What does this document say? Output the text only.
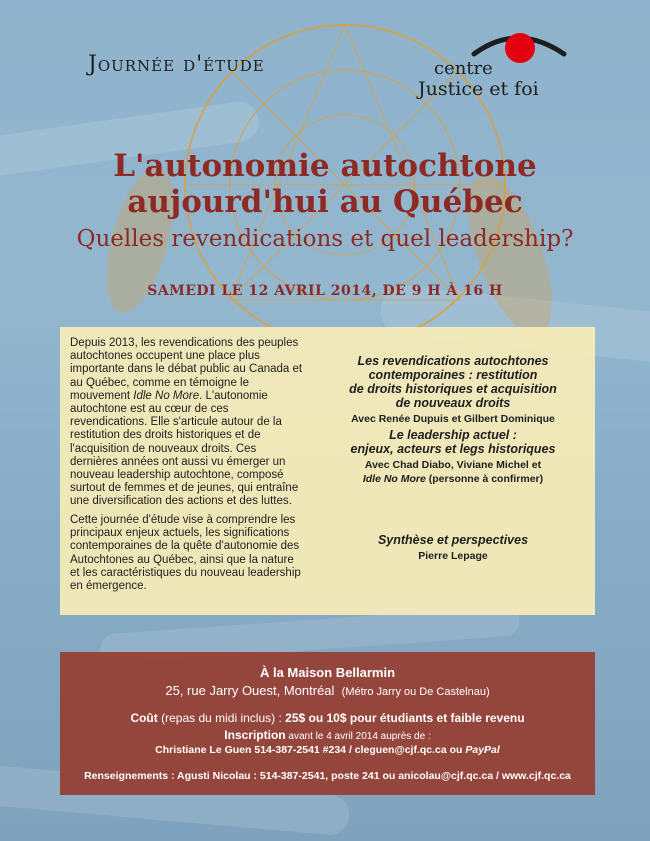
Journée d'étude	centre
Justice et foi
L'autonomie autochtone
aujourd'hui au Québec
Quelles revendications et quel leadership?
SAMEDI LE 12 AVRIL 2014, DE 9 H À 16 H
Depuis 2013, les revendications des peuples autochtones occupent une place plus importante dans le débat public au Canada et au Québec, comme en témoigne le mouvement Idle No More. L'autonomie autochtone est au cœur de ces revendications. Elle s'articule autour de la restitution des droits historiques et de l'acquisition de nouveaux droits. Ces dernières années ont aussi vu émerger un nouveau leadership autochtone, composé surtout de femmes et de jeunes, qui entraîne une diversification des actions et des luttes.
Cette journée d'étude vise à comprendre les principaux enjeux actuels, les significations contemporaines de la quête d'autonomie des Autochtones au Québec, ainsi que la nature et les caractéristiques du nouveau leadership en émergence.
Les revendications autochtones
contemporaines : restitution
de droits historiques et acquisition
de nouveaux droits
Avec Renée Dupuis et Gilbert Dominique
Le leadership actuel :
enjeux, acteurs et legs historiques
Avec Chad Diabo, Viviane Michel et
Idle No More (personne à confirmer)
Synthèse et perspectives
Pierre Lepage
À la Maison Bellarmin
25, rue Jarry Ouest, Montréal (Métro Jarry ou De Castelnau)
Coût (repas du midi inclus) : 25$ ou 10$ pour étudiants et faible revenu
Inscription avant le 4 avril 2014 auprès de :
Christiane Le Guen 514-387-2541 #234 / cleguen@cjf.qc.ca ou PayPal
Renseignements : Agusti Nicolau : 514-387-2541, poste 241 ou anicolau@cjf.qc.ca / www.cjf.qc.ca
